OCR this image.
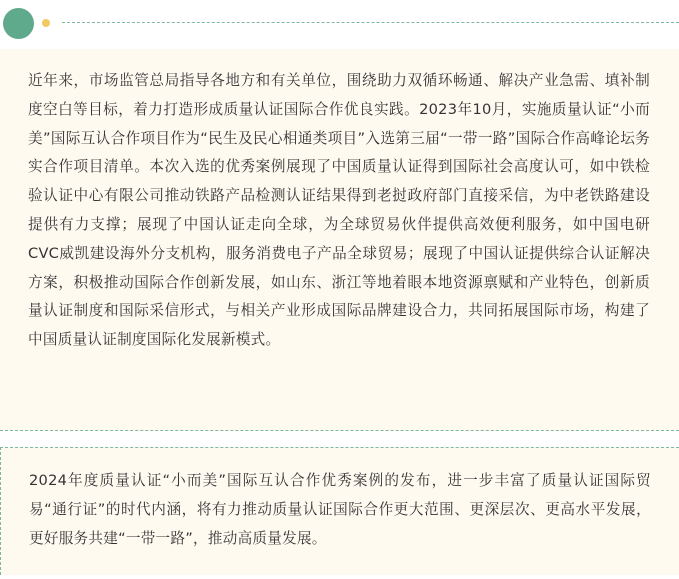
近年来，市场监管总局指导各地方和有关单位，围绕助力双循环畅通、解决产业急需、填补制度空白等目标，着力打造形成质量认证国际合作优良实践。2023年10月，实施质量认证“小而美”国际互认合作项目作为“民生及民心相通类项目”入选第三届“一带一路”国际合作高峰论坛务实合作项目清单。本次入选的优秀案例展现了中国质量认证得到国际社会高度认可，如中铁检验认证中心有限公司推动铁路产品检测认证结果得到老挝政府部门直接采信，为中老铁路建设提供有力支撑；展现了中国认证走向全球，为全球贸易伙伴提供高效便利服务，如中国电研CVC威凯建设海外分支机构，服务消费电子产品全球贸易；展现了中国认证提供综合认证解决方案，积极推动国际合作创新发展，如山东、浙江等地着眼本地资源禀赋和产业特色，创新质量认证制度和国际采信形式，与相关产业形成国际品牌建设合力，共同拓展国际市场，构建了中国质量认证制度国际化发展新模式。

2024年度质量认证“小而美”国际互认合作优秀案例的发布，进一步丰富了质量认证国际贸易“通行证”的时代内涵，将有力推动质量认证国际合作更大范围、更深层次、更高水平发展，更好服务共建“一带一路”，推动高质量发展。
